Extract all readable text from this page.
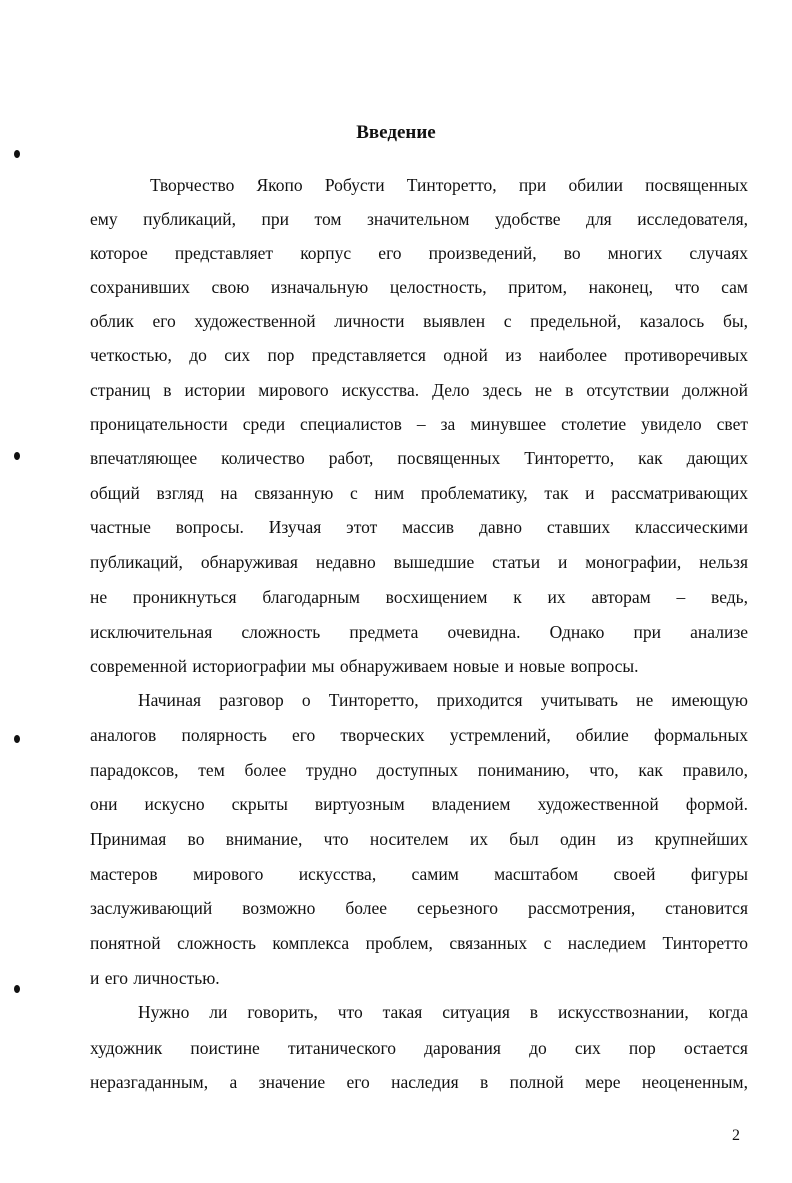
Введение
Творчество Якопо Робусти Тинторетто, при обилии посвященных
ему публикаций, при том значительном удобстве для исследователя,
которое представляет корпус его произведений, во многих случаях
сохранивших свою изначальную целостность, притом, наконец, что сам
облик его художественной личности выявлен с предельной, казалось бы,
четкостью, до сих пор представляется одной из наиболее противоречивых
страниц в истории мирового искусства. Дело здесь не в отсутствии должной
проницательности среди специалистов – за минувшее столетие увидело свет
впечатляющее количество работ, посвященных Тинторетто, как дающих
общий взгляд на связанную с ним проблематику, так и рассматривающих
частные вопросы. Изучая этот массив давно ставших классическими
публикаций, обнаруживая недавно вышедшие статьи и монографии, нельзя
не проникнуться благодарным восхищением к их авторам – ведь,
исключительная сложность предмета очевидна. Однако при анализе
современной историографии мы обнаруживаем новые и новые вопросы.
Начиная разговор о Тинторетто, приходится учитывать не имеющую
аналогов полярность его творческих устремлений, обилие формальных
парадоксов, тем более трудно доступных пониманию, что, как правило,
они искусно скрыты виртуозным владением художественной формой.
Принимая во внимание, что носителем их был один из крупнейших
мастеров мирового искусства, самим масштабом своей фигуры
заслуживающий возможно более серьезного рассмотрения, становится
понятной сложность комплекса проблем, связанных с наследием Тинторетто
и его личностью.
Нужно ли говорить, что такая ситуация в искусствознании, когда
художник поистине титанического дарования до сих пор остается
неразгаданным, а значение его наследия в полной мере неоцененным,
2
